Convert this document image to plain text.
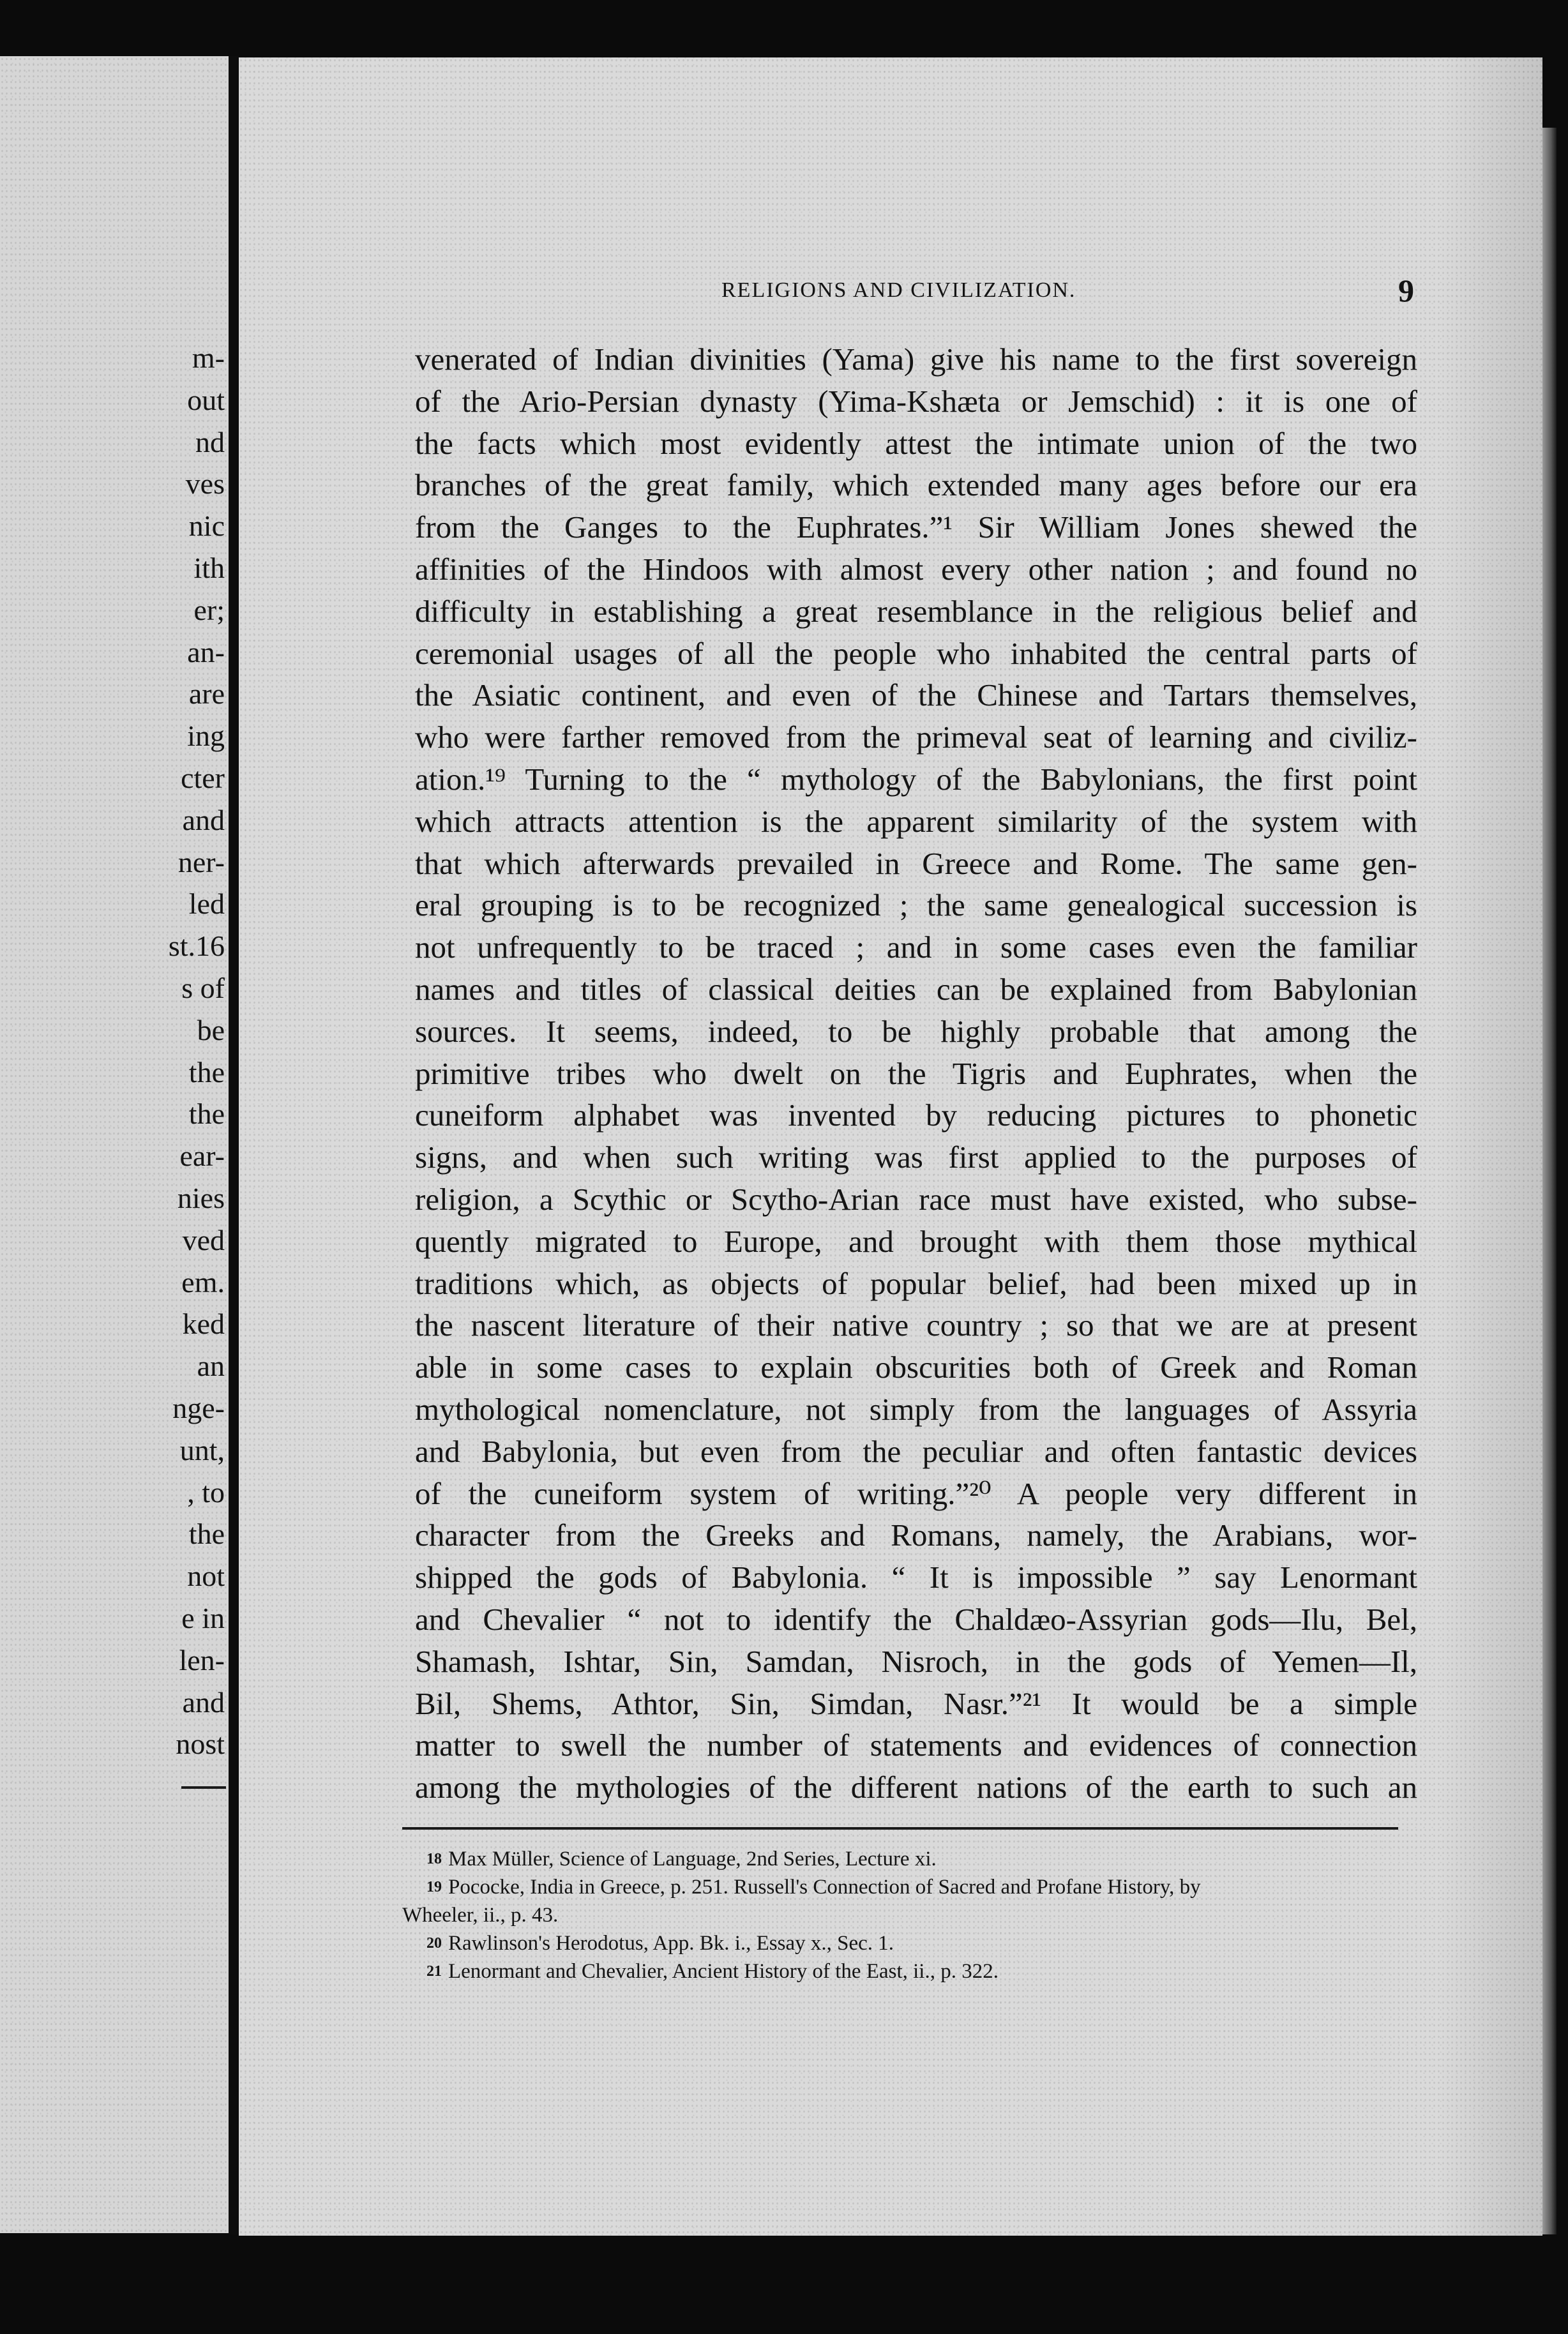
m-
out
nd
ves
nic
ith
er;
an-
are
ing
cter
and
ner-
led
st.16
s of
be
the
the
ear-
nies
ved
em.
ked
an
nge-
unt,
, to
the
not
e in
len-
and
nost
RELIGIONS AND CIVILIZATION.	9
venerated of Indian divinities (Yama) give his name to the first sovereign
of the Ario-Persian dynasty (Yima-Kshæta or Jemschid) : it is one of
the facts which most evidently attest the intimate union of the two
branches of the great family, which extended many ages before our era
from the Ganges to the Euphrates.”¹ Sir William Jones shewed the
affinities of the Hindoos with almost every other nation ; and found no
difficulty in establishing a great resemblance in the religious belief and
ceremonial usages of all the people who inhabited the central parts of
the Asiatic continent, and even of the Chinese and Tartars themselves,
who were farther removed from the primeval seat of learning and civiliz-
ation.¹⁹ Turning to the “ mythology of the Babylonians, the first point
which attracts attention is the apparent similarity of the system with
that which afterwards prevailed in Greece and Rome. The same gen-
eral grouping is to be recognized ; the same genealogical succession is
not unfrequently to be traced ; and in some cases even the familiar
names and titles of classical deities can be explained from Babylonian
sources. It seems, indeed, to be highly probable that among the
primitive tribes who dwelt on the Tigris and Euphrates, when the
cuneiform alphabet was invented by reducing pictures to phonetic
signs, and when such writing was first applied to the purposes of
religion, a Scythic or Scytho-Arian race must have existed, who subse-
quently migrated to Europe, and brought with them those mythical
traditions which, as objects of popular belief, had been mixed up in
the nascent literature of their native country ; so that we are at present
able in some cases to explain obscurities both of Greek and Roman
mythological nomenclature, not simply from the languages of Assyria
and Babylonia, but even from the peculiar and often fantastic devices
of the cuneiform system of writing.”²⁰ A people very different in
character from the Greeks and Romans, namely, the Arabians, wor-
shipped the gods of Babylonia. “ It is impossible ” say Lenormant
and Chevalier “ not to identify the Chaldæo-Assyrian gods—Ilu, Bel,
Shamash, Ishtar, Sin, Samdan, Nisroch, in the gods of Yemen—Il,
Bil, Shems, Athtor, Sin, Simdan, Nasr.”²¹ It would be a simple
matter to swell the number of statements and evidences of connection
among the mythologies of the different nations of the earth to such an
18 Max Müller, Science of Language, 2nd Series, Lecture xi.
19 Pococke, India in Greece, p. 251. Russell's Connection of Sacred and Profane History, by
Wheeler, ii., p. 43.
20 Rawlinson's Herodotus, App. Bk. i., Essay x., Sec. 1.
21 Lenormant and Chevalier, Ancient History of the East, ii., p. 322.
